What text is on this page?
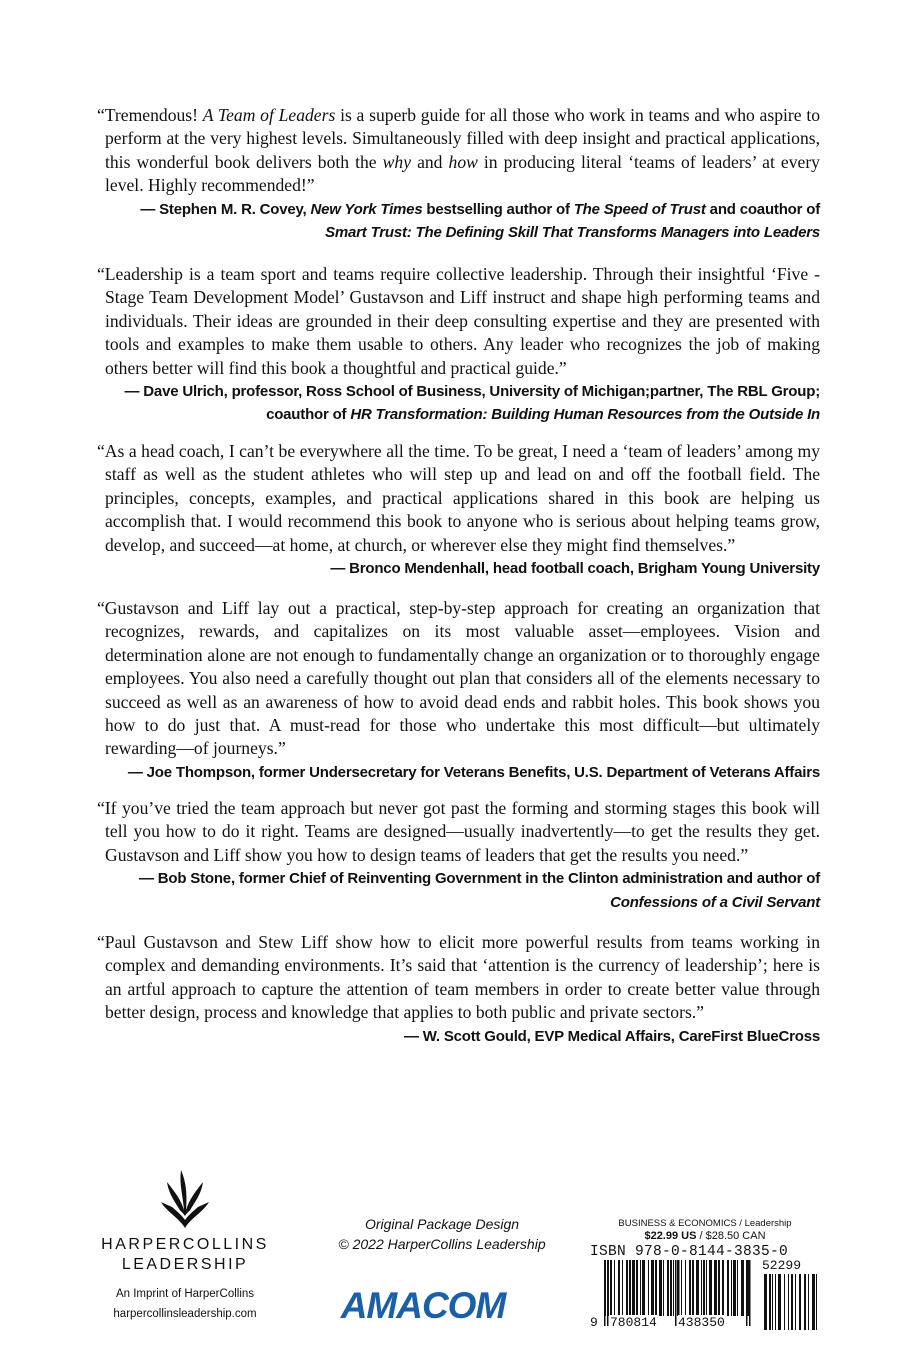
“Tremendous! A Team of Leaders is a superb guide for all those who work in teams and who aspire to perform at the very highest levels. Simultaneously filled with deep insight and practical applications, this wonderful book delivers both the why and how in producing literal ‘teams of leaders’ at every level. Highly recommended!”

— Stephen M. R. Covey, New York Times bestselling author of The Speed of Trust and coauthor of Smart Trust: The Defining Skill That Transforms Managers into Leaders

“Leadership is a team sport and teams require collective leadership. Through their insightful ‘Five -Stage Team Development Model’ Gustavson and Liff instruct and shape high performing teams and individuals. Their ideas are grounded in their deep consulting expertise and they are presented with tools and examples to make them usable to others. Any leader who recognizes the job of making others better will find this book a thoughtful and practical guide.”

— Dave Ulrich, professor, Ross School of Business, University of Michigan;partner, The RBL Group; coauthor of HR Transformation: Building Human Resources from the Outside In

“As a head coach, I can’t be everywhere all the time. To be great, I need a ‘team of leaders’ among my staff as well as the student athletes who will step up and lead on and off the football field. The principles, concepts, examples, and practical applications shared in this book are helping us accomplish that. I would recommend this book to anyone who is serious about helping teams grow, develop, and succeed—at home, at church, or wherever else they might find themselves.”

— Bronco Mendenhall, head football coach, Brigham Young University

“Gustavson and Liff lay out a practical, step-by-step approach for creating an organization that recognizes, rewards, and capitalizes on its most valuable asset—employees. Vision and determination alone are not enough to fundamentally change an organization or to thoroughly engage employees. You also need a carefully thought out plan that considers all of the elements necessary to succeed as well as an awareness of how to avoid dead ends and rabbit holes. This book shows you how to do just that. A must-read for those who undertake this most difficult—but ultimately rewarding—of journeys.”

— Joe Thompson, former Undersecretary for Veterans Benefits, U.S. Department of Veterans Affairs

“If you’ve tried the team approach but never got past the forming and storming stages this book will tell you how to do it right. Teams are designed—usually inadvertently—to get the results they get. Gustavson and Liff show you how to design teams of leaders that get the results you need.”

— Bob Stone, former Chief of Reinventing Government in the Clinton administration and author of Confessions of a Civil Servant

“Paul Gustavson and Stew Liff show how to elicit more powerful results from teams working in complex and demanding environments. It’s said that ‘attention is the currency of leadership’; here is an artful approach to capture the attention of team members in order to create better value through better design, process and knowledge that applies to both public and private sectors.”

— W. Scott Gould, EVP Medical Affairs, CareFirst BlueCross
HARPERCOLLINS
LEADERSHIP
An Imprint of HarperCollins
harpercollinsleadership.com
Original Package Design
© 2022 HarperCollins Leadership
AMACOM
BUSINESS & ECONOMICS / Leadership
$22.99 US / $28.50 CAN
ISBN 978-0-8144-3835-0
52299
9 780814 438350
